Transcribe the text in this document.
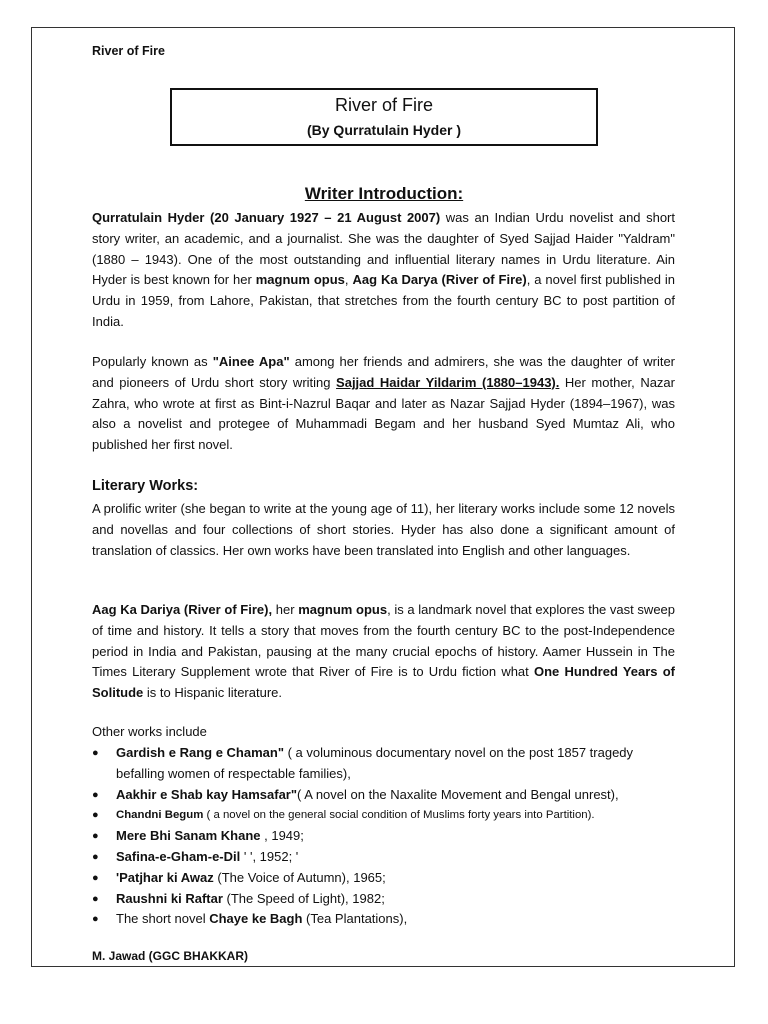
River of Fire
River of Fire
(By Qurratulain Hyder )
Writer Introduction:
Qurratulain Hyder (20 January 1927 – 21 August 2007) was an Indian Urdu novelist and short story writer, an academic, and a journalist. She was the daughter of Syed Sajjad Haider "Yaldram" (1880 – 1943). One of the most outstanding and influential literary names in Urdu literature. Ain Hyder is best known for her magnum opus, Aag Ka Darya (River of Fire), a novel first published in Urdu in 1959, from Lahore, Pakistan, that stretches from the fourth century BC to post partition of India.
Popularly known as "Ainee Apa" among her friends and admirers, she was the daughter of writer and pioneers of Urdu short story writing Sajjad Haidar Yildarim (1880–1943). Her mother, Nazar Zahra, who wrote at first as Bint-i-Nazrul Baqar and later as Nazar Sajjad Hyder (1894–1967), was also a novelist and protegee of Muhammadi Begam and her husband Syed Mumtaz Ali, who published her first novel.
Literary Works:
A prolific writer (she began to write at the young age of 11), her literary works include some 12 novels and novellas and four collections of short stories. Hyder has also done a significant amount of translation of classics. Her own works have been translated into English and other languages.
Aag Ka Dariya (River of Fire), her magnum opus, is a landmark novel that explores the vast sweep of time and history. It tells a story that moves from the fourth century BC to the post-Independence period in India and Pakistan, pausing at the many crucial epochs of history. Aamer Hussein in The Times Literary Supplement wrote that River of Fire is to Urdu fiction what One Hundred Years of Solitude is to Hispanic literature.
Other works include
● Gardish e Rang e Chaman" ( a voluminous documentary novel on the post 1857 tragedy befalling women of respectable families),
● Aakhir e Shab kay Hamsafar"( A novel on the Naxalite Movement and Bengal unrest),
● Chandni Begum ( a novel on the general social condition of Muslims forty years into Partition).
● Mere Bhi Sanam Khane , 1949;
● Safina-e-Gham-e-Dil ' ', 1952; '
● 'Patjhar ki Awaz (The Voice of Autumn), 1965;
● Raushni ki Raftar (The Speed of Light), 1982;
● The short novel Chaye ke Bagh (Tea Plantations),
M. Jawad (GGC BHAKKAR)
